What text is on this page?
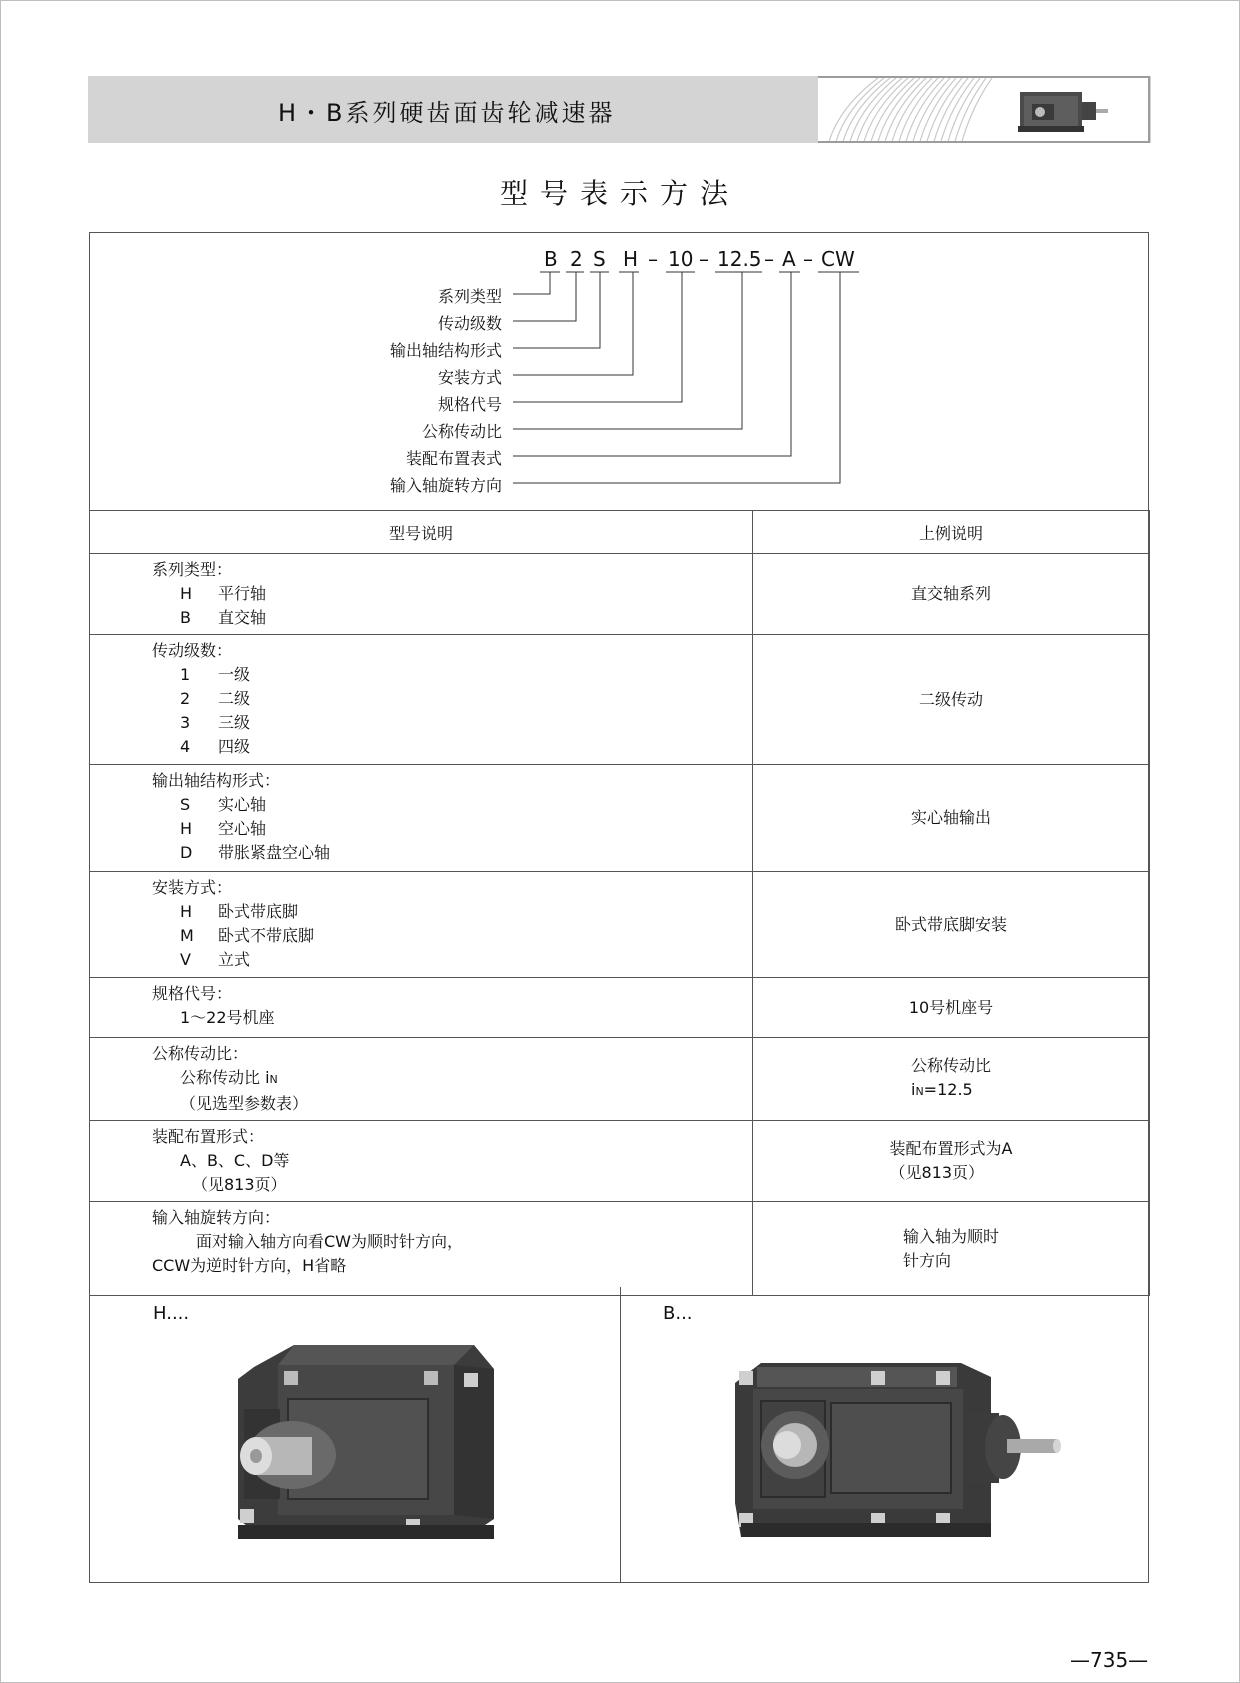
H・B系列硬齿面齿轮减速器
型号表示方法
B 2 S H – 10 – 12.5 – A – CW
系列类型
传动级数
输出轴结构形式
安装方式
规格代号
公称传动比
装配布置表式
输入轴旋转方向
型号说明	上例说明
系列类型：
H 平行轴
B 直交轴	直交轴系列
传动级数：
1 一级
2 二级
3 三级
4 四级	二级传动
输出轴结构形式：
S 实心轴
H 空心轴
D 带胀紧盘空心轴	实心轴输出
安装方式：
H 卧式带底脚
M 卧式不带底脚
V 立式	卧式带底脚安装
规格代号：
1～22号机座	10号机座号
公称传动比：
公称传动比 iN
（见选型参数表）	公称传动比
iN=12.5

装配布置形式：
A、B、C、D等
（见813页）	装配布置形式为A
（见813页）

输入轴旋转方向：
面对输入轴方向看CW为顺时针方向，
CCW为逆时针方向，H省略	输入轴为顺时
针方向
H....	B...
—735—
